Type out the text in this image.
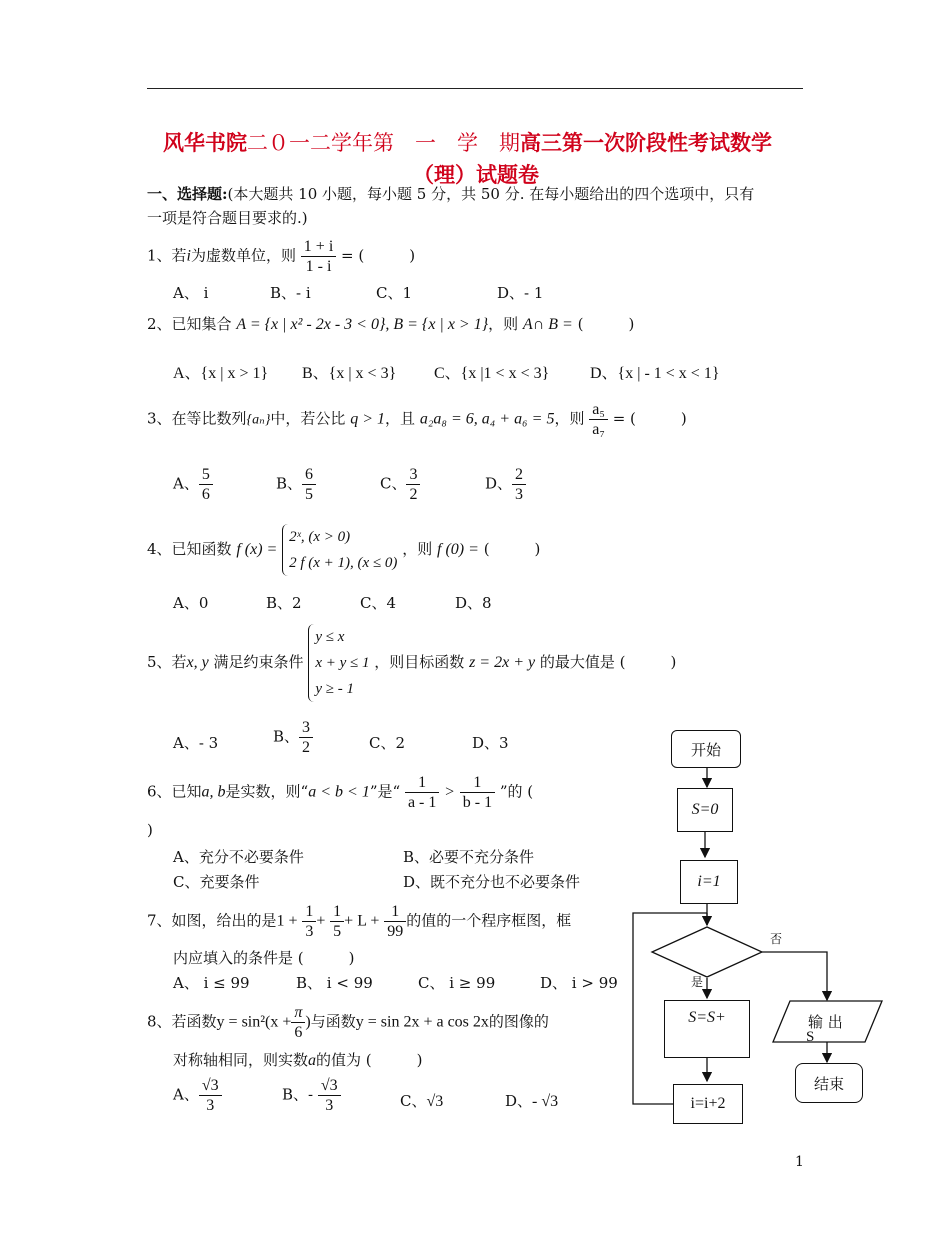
风华书院二０一二学年第　一　学　期高三第一次阶段性考试数学
（理）试题卷
一、选择题:(本大题共 10 小题，每小题 5 分，共 50 分. 在每小题给出的四个选项中，只有
一项是符合题目要求的.)
1、若i为虚数单位，则 $\frac{1 + i}{1 - i}$ = (　　　)
A、 i	B、- i	C、1	D、- 1
2、已知集合 A = {x | x² - 2x - 3 < 0}, B = {x | x > 1}，则 A∩ B = (　　　)
A、{x | x > 1} B、{x | x < 3} C、{x |1 < x < 3}	D、{x | - 1 < x < 1}
3、在等比数列{aₙ}中，若公比 q > 1，且 a₂a₈ = 6, a₄ + a₆ = 5，则 $\frac{\text{a₅}}{\text{a₇}}$ = (　　　)
A、 $\frac{5}{6}$	B、 $\frac{6}{5}$	C、 $\frac{3}{2}$	D、 $\frac{2}{3}$
4、已知函数 f (x) =
2ˣ, (x > 0)
2 f (x + 1), (x ≤ 0)
，则 f (0) = (　　　)
A、0	B、2	C、4	D、8
5、若x, y 满足约束条件
y ≤ x
x + y ≤ 1
y ≥ - 1
，则目标函数 z = 2x + y 的最大值是 (　　　)
A、- 3	B、 $\frac{3}{2}$	C、2	D、3
6、已知a, b是实数，则“a < b < 1”是“ $\frac{1}{a - 1} > \frac{1}{b - 1}$ ”的 (
)
A、充分不必要条件	B、必要不充分条件
C、充要条件	D、既不充分也不必要条件
7、如图，给出的是$1 + \frac{1}{3} + \frac{1}{5} + L + \frac{1}{99}$ 的值的一个程序框图，框
内应填入的条件是 (　　　)
A、 i ≤ 99	B、 i < 99	C、 i ≥ 99	D、 i > 99
8、若函数$y = \sin^2(x + \frac{\pi}{6}$ )与函数y = sin 2x + a cos 2x的图像的
对称轴相同，则实数a的值为 (　　　)
A、 $\frac{√3}{3}$	B、- $\frac{√3}{3}$	C、√3	D、- √3
开始
S=0
i=1
否
是
S=S+	输 出
S
结束
i=i+2
1
